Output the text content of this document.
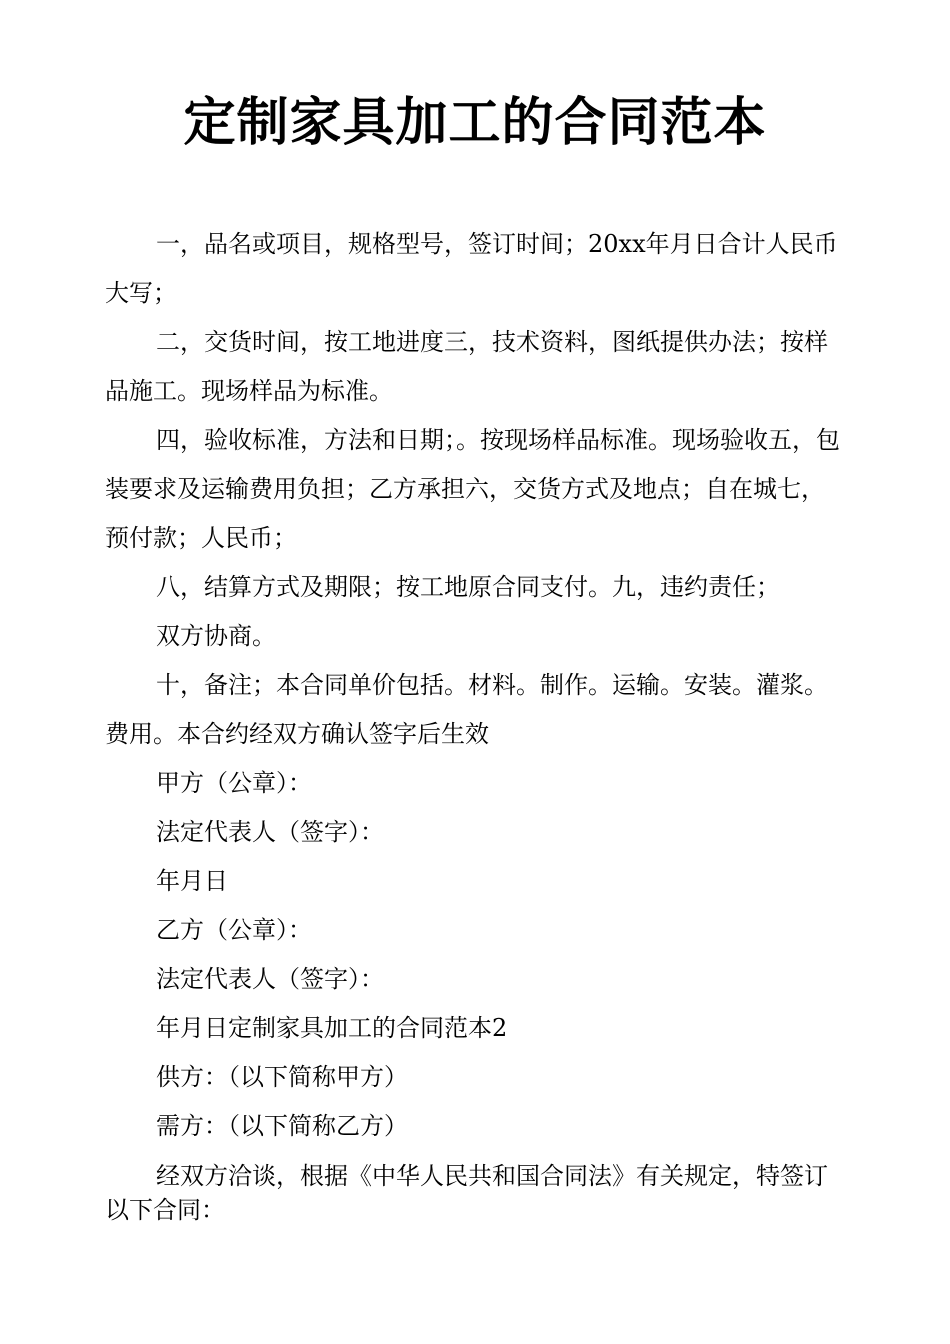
定制家具加工的合同范本

一，品名或项目，规格型号，签订时间；20xx年月日合计人民币大写；

二，交货时间，按工地进度三，技术资料，图纸提供办法；按样品施工。现场样品为标准。

四，验收标准，方法和日期；。按现场样品标准。现场验收五，包装要求及运输费用负担；乙方承担六，交货方式及地点；自在城七，预付款；人民币；

八，结算方式及期限；按工地原合同支付。九，违约责任；

双方协商。

十，备注；本合同单价包括。材料。制作。运输。安装。灌浆。费用。本合约经双方确认签字后生效

甲方（公章）：

法定代表人（签字）：

年月日

乙方（公章）：

法定代表人（签字）：

年月日定制家具加工的合同范本2

供方：（以下简称甲方）

需方：（以下简称乙方）

经双方洽谈，根据《中华人民共和国合同法》有关规定，特签订以下合同：
